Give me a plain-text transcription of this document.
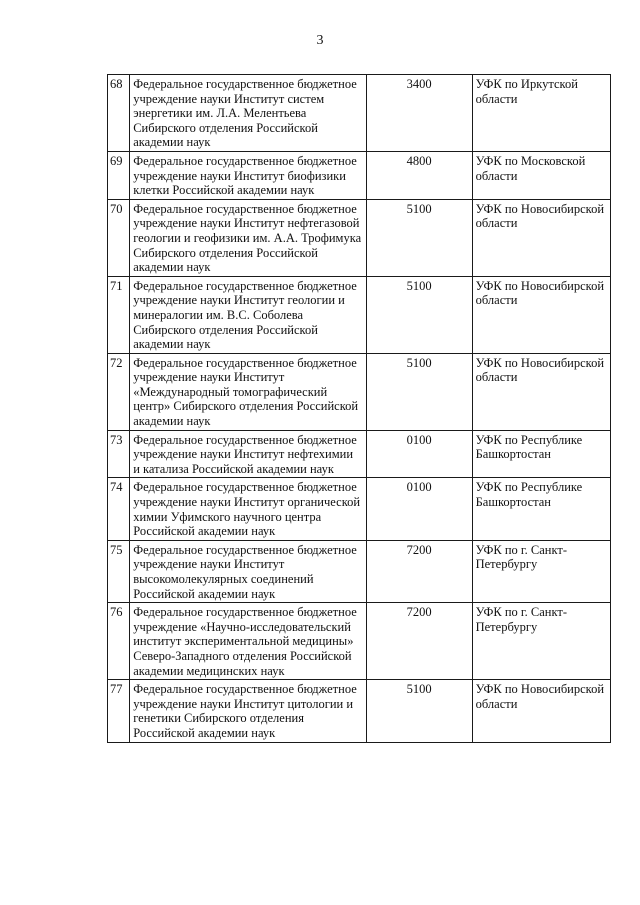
3
68	Федеральное государственное бюджетное учреждение науки Институт систем энергетики им. Л.А. Мелентьева Сибирского отделения Российской академии наук	3400	УФК по Иркутской области
69	Федеральное государственное бюджетное учреждение науки Институт биофизики клетки Российской академии наук	4800	УФК по Московской области
70	Федеральное государственное бюджетное учреждение науки Институт нефтегазовой геологии и геофизики им. А.А. Трофимука Сибирского отделения Российской академии наук	5100	УФК по Новосибирской области
71	Федеральное государственное бюджетное учреждение науки Институт геологии и минералогии им. В.С. Соболева Сибирского отделения Российской академии наук	5100	УФК по Новосибирской области
72	Федеральное государственное бюджетное учреждение науки Институт «Международный томографический центр» Сибирского отделения Российской академии наук	5100	УФК по Новосибирской области
73	Федеральное государственное бюджетное учреждение науки Институт нефтехимии и катализа Российской академии наук	0100	УФК по Республике Башкортостан
74	Федеральное государственное бюджетное учреждение науки Институт органической химии Уфимского научного центра Российской академии наук	0100	УФК по Республике Башкортостан
75	Федеральное государственное бюджетное учреждение науки Институт высокомолекулярных соединений Российской академии наук	7200	УФК по г. Санкт-Петербургу
76	Федеральное государственное бюджетное учреждение «Научно-исследовательский институт экспериментальной медицины» Северо-Западного отделения Российской академии медицинских наук	7200	УФК по г. Санкт-Петербургу
77	Федеральное государственное бюджетное учреждение науки Институт цитологии и генетики Сибирского отделения Российской академии наук	5100	УФК по Новосибирской области
